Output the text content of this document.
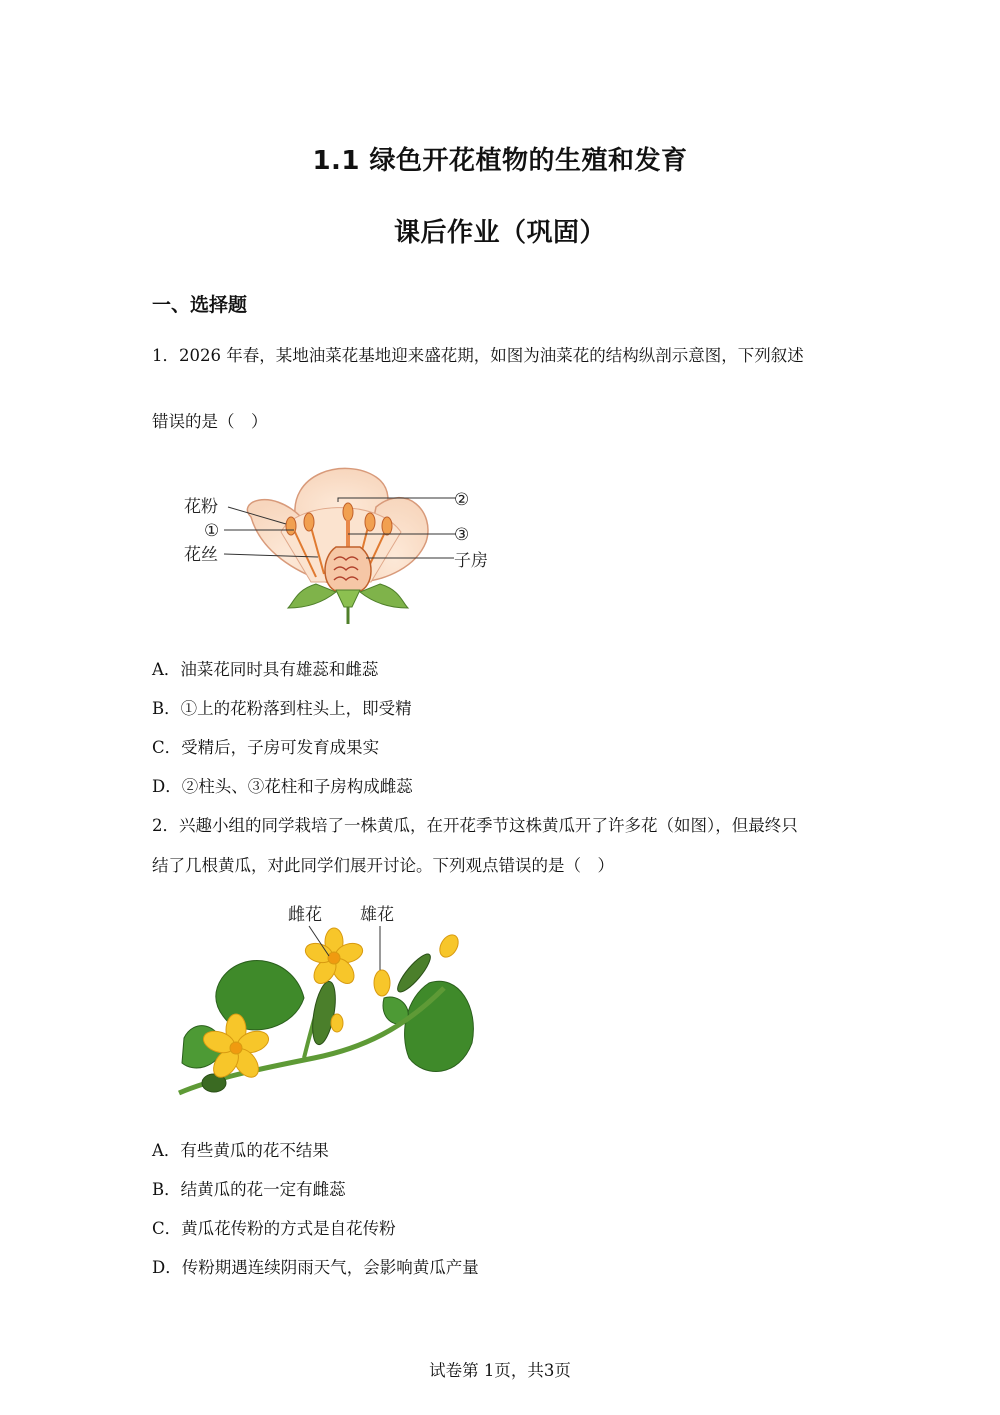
1.1 绿色开花植物的生殖和发育
课后作业（巩固）
一、选择题
1．2026 年春，某地油菜花基地迎来盛花期，如图为油菜花的结构纵剖示意图，下列叙述
错误的是（　）
花粉
①
花丝
②
③
子房
A．油菜花同时具有雄蕊和雌蕊
B．①上的花粉落到柱头上，即受精
C．受精后，子房可发育成果实
D．②柱头、③花柱和子房构成雌蕊
2．兴趣小组的同学栽培了一株黄瓜，在开花季节这株黄瓜开了许多花（如图），但最终只
结了几根黄瓜，对此同学们展开讨论。下列观点错误的是（　）
雌花 雄花
A．有些黄瓜的花不结果
B．结黄瓜的花一定有雌蕊
C．黄瓜花传粉的方式是自花传粉
D．传粉期遇连续阴雨天气，会影响黄瓜产量
试卷第 1页，共3页
